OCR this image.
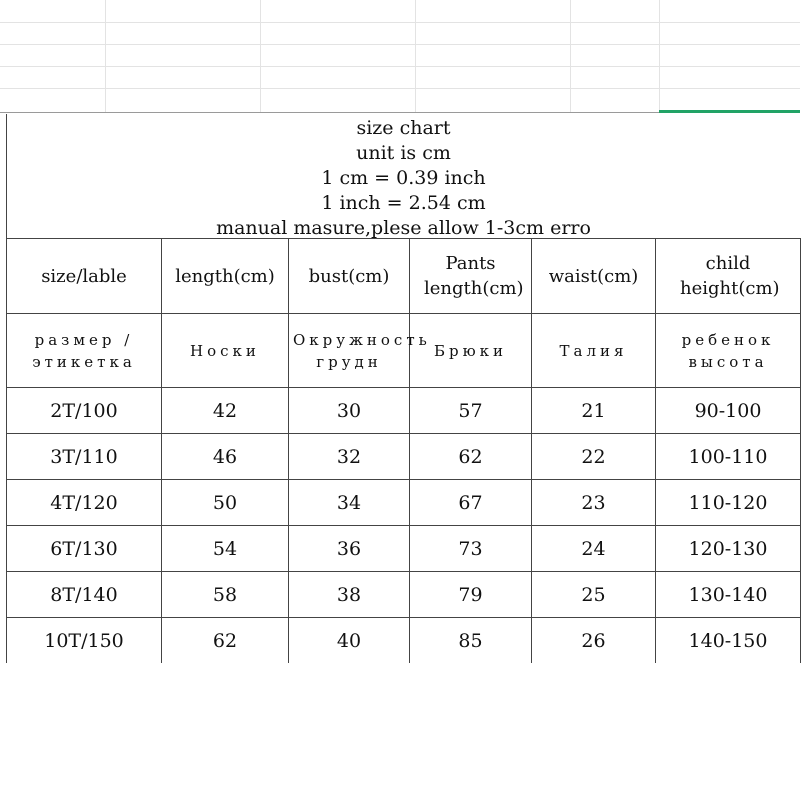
size chart
unit is cm
1 cm = 0.39 inch
1 inch = 2.54 cm
manual masure,plese allow 1-3cm erro
size/lable	length(cm)	bust(cm)	Pants length(cm)	waist(cm)	child height(cm)
размер / этикетка	Носки	Окружность грудн	Брюки	Талия	ребенок высота
2T/100	42	30	57	21	90-100
3T/110	46	32	62	22	100-110
4T/120	50	34	67	23	110-120
6T/130	54	36	73	24	120-130
8T/140	58	38	79	25	130-140
10T/150	62	40	85	26	140-150
